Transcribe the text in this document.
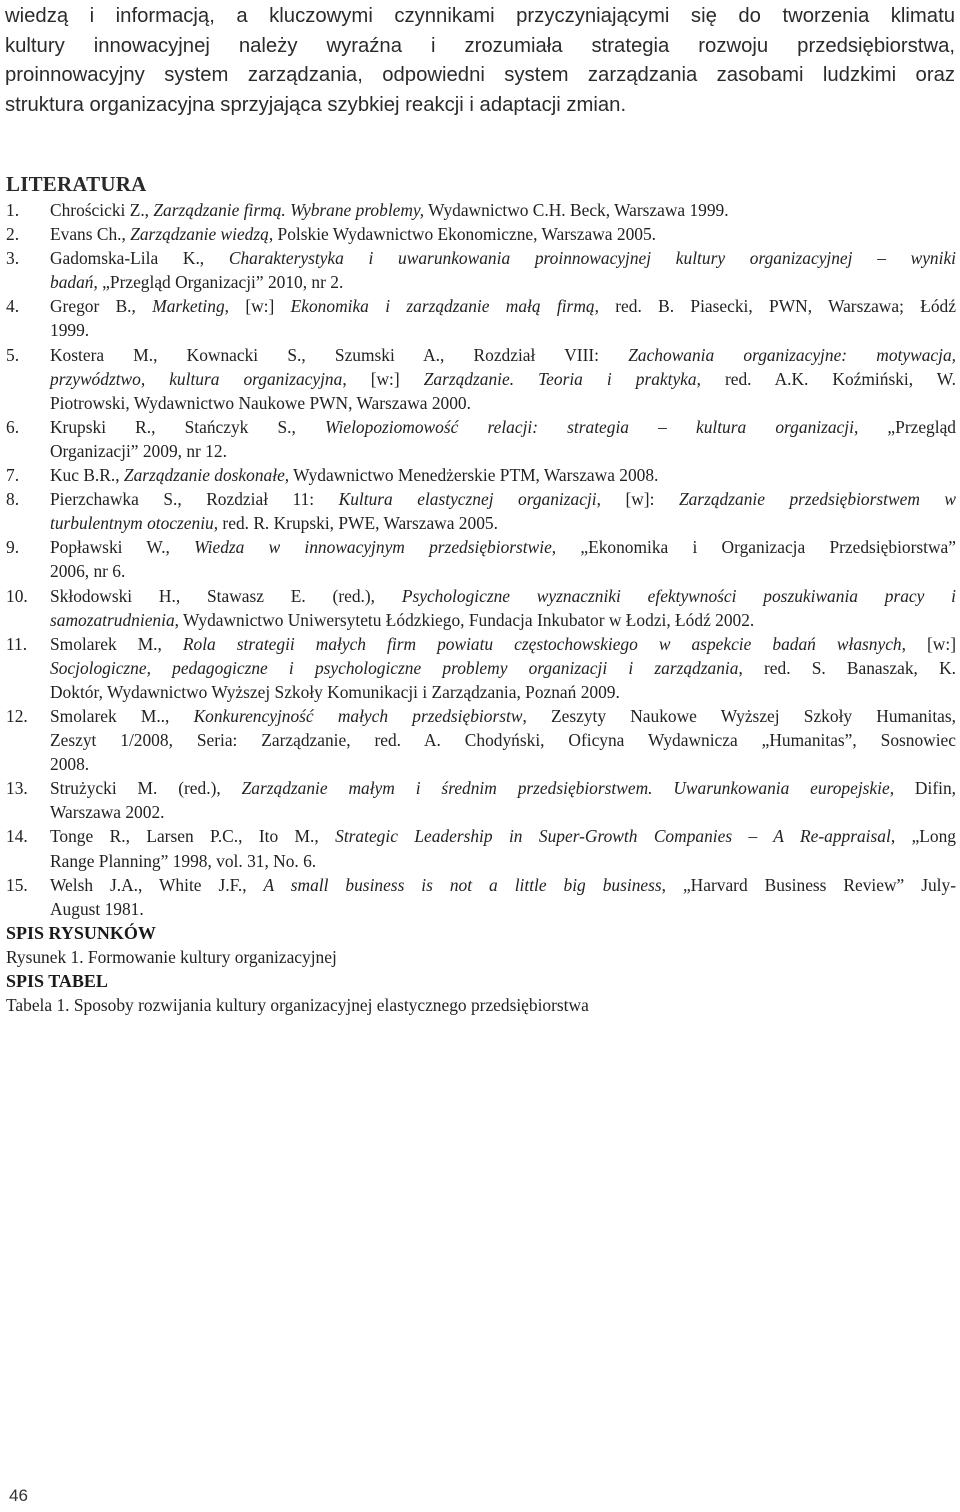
wiedzą i informacją, a kluczowymi czynnikami przyczyniającymi się do tworzenia klimatu
kultury innowacyjnej należy wyraźna i zrozumiała strategia rozwoju przedsiębiorstwa,
proinnowacyjny system zarządzania, odpowiedni system zarządzania zasobami ludzkimi oraz
struktura organizacyjna sprzyjająca szybkiej reakcji i adaptacji zmian.
LITERATURA
1. Chrościcki Z., Zarządzanie firmą. Wybrane problemy, Wydawnictwo C.H. Beck, Warszawa 1999.
2. Evans Ch., Zarządzanie wiedzą, Polskie Wydawnictwo Ekonomiczne, Warszawa 2005.
3. Gadomska-Lila K., Charakterystyka i uwarunkowania proinnowacyjnej kultury organizacyjnej – wyniki
badań, „Przegląd Organizacji” 2010, nr 2.
4. Gregor B., Marketing, [w:] Ekonomika i zarządzanie małą firmą, red. B. Piasecki, PWN, Warszawa; Łódź
1999.
5. Kostera M., Kownacki S., Szumski A., Rozdział VIII: Zachowania organizacyjne: motywacja,
przywództwo, kultura organizacyjna, [w:] Zarządzanie. Teoria i praktyka, red. A.K. Koźmiński, W.
Piotrowski, Wydawnictwo Naukowe PWN, Warszawa 2000.
6. Krupski R., Stańczyk S., Wielopoziomowość relacji: strategia – kultura organizacji, „Przegląd
Organizacji” 2009, nr 12.
7. Kuc B.R., Zarządzanie doskonałe, Wydawnictwo Menedżerskie PTM, Warszawa 2008.
8. Pierzchawka S., Rozdział 11: Kultura elastycznej organizacji, [w]: Zarządzanie przedsiębiorstwem w
turbulentnym otoczeniu, red. R. Krupski, PWE, Warszawa 2005.
9. Popławski W., Wiedza w innowacyjnym przedsiębiorstwie, „Ekonomika i Organizacja Przedsiębiorstwa”
2006, nr 6.
10. Skłodowski H., Stawasz E. (red.), Psychologiczne wyznaczniki efektywności poszukiwania pracy i
samozatrudnienia, Wydawnictwo Uniwersytetu Łódzkiego, Fundacja Inkubator w Łodzi, Łódź 2002.
11. Smolarek M., Rola strategii małych firm powiatu częstochowskiego w aspekcie badań własnych, [w:]
Socjologiczne, pedagogiczne i psychologiczne problemy organizacji i zarządzania, red. S. Banaszak, K.
Doktór, Wydawnictwo Wyższej Szkoły Komunikacji i Zarządzania, Poznań 2009.
12. Smolarek M.., Konkurencyjność małych przedsiębiorstw, Zeszyty Naukowe Wyższej Szkoły Humanitas,
Zeszyt 1/2008, Seria: Zarządzanie, red. A. Chodyński, Oficyna Wydawnicza „Humanitas”, Sosnowiec
2008.
13. Strużycki M. (red.), Zarządzanie małym i średnim przedsiębiorstwem. Uwarunkowania europejskie, Difin,
Warszawa 2002.
14. Tonge R., Larsen P.C., Ito M., Strategic Leadership in Super-Growth Companies – A Re-appraisal, „Long
Range Planning” 1998, vol. 31, No. 6.
15. Welsh J.A., White J.F., A small business is not a little big business, „Harvard Business Review” July-
August 1981.
SPIS RYSUNKÓW
Rysunek 1. Formowanie kultury organizacyjnej
SPIS TABEL
Tabela 1. Sposoby rozwijania kultury organizacyjnej elastycznego przedsiębiorstwa
46
